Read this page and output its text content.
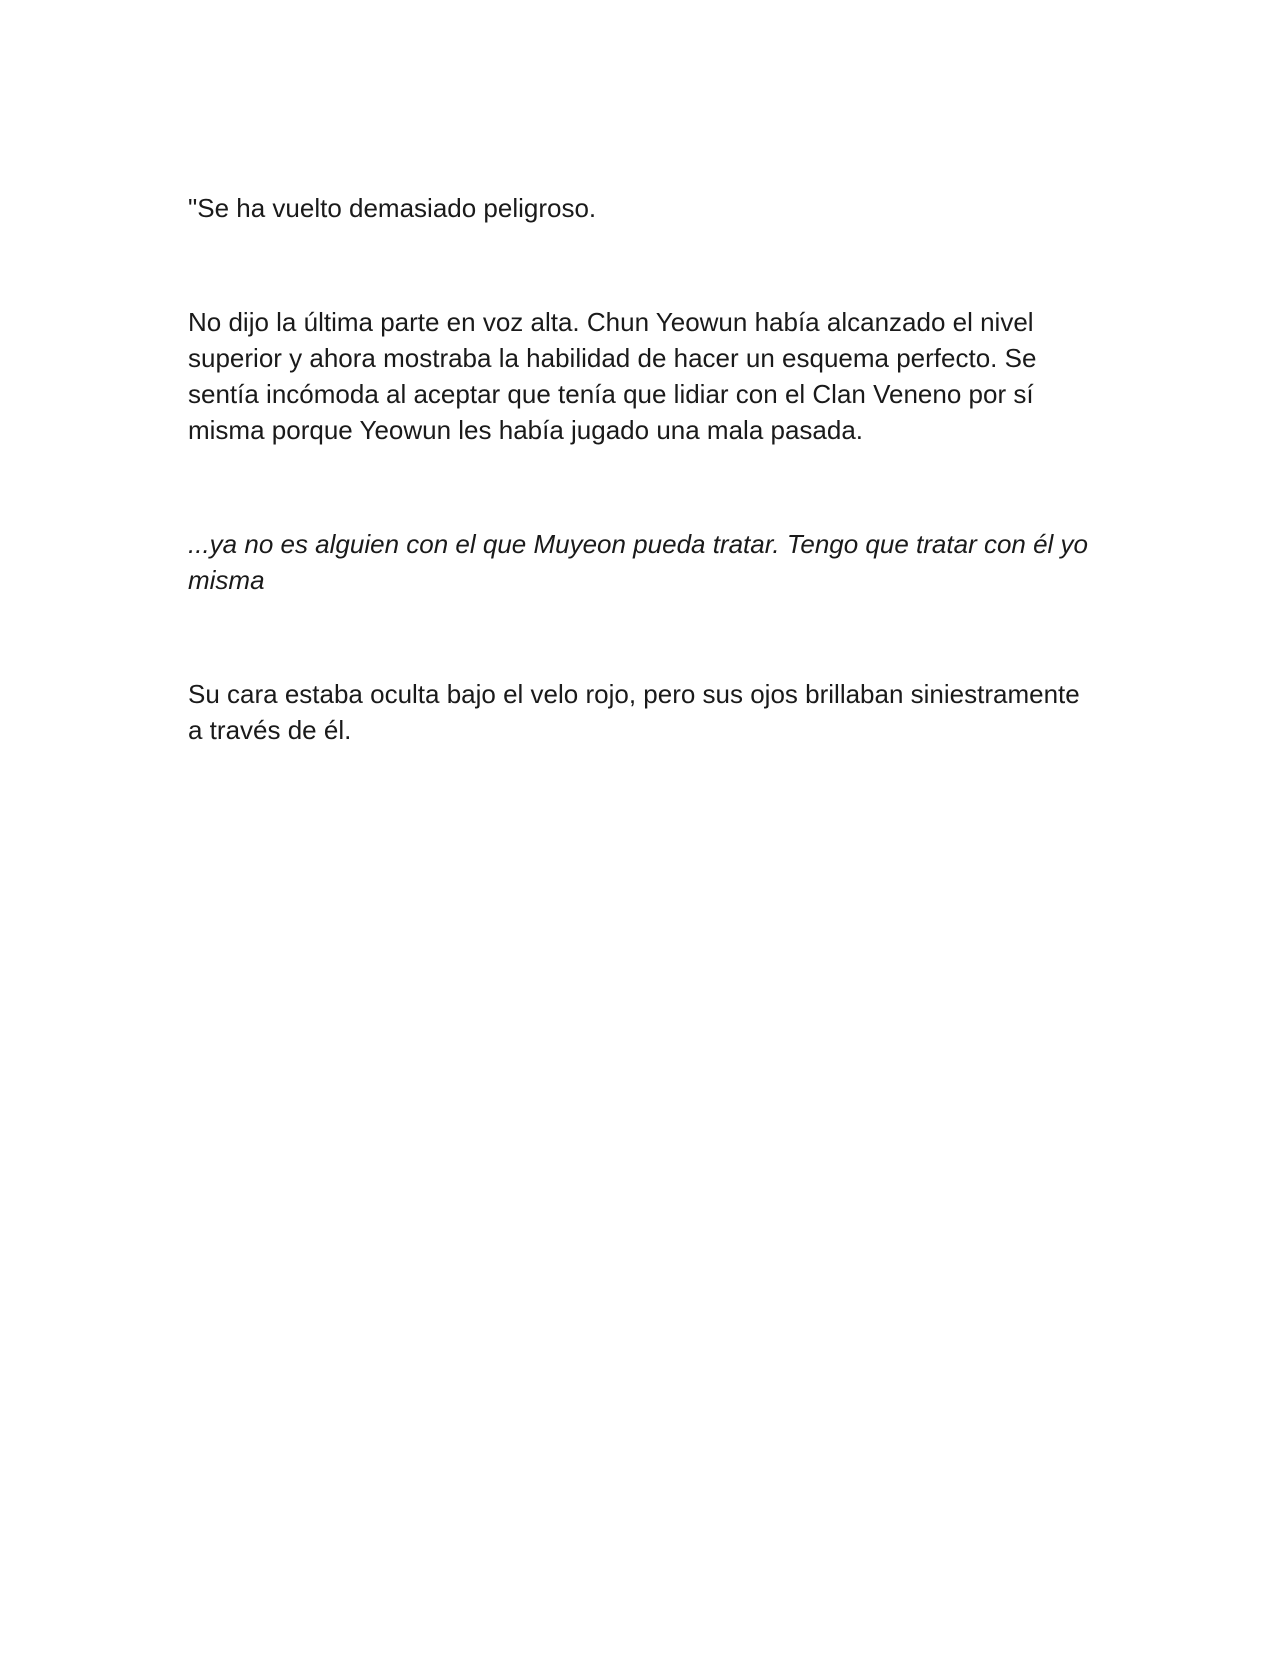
"Se ha vuelto demasiado peligroso.

No dijo la última parte en voz alta. Chun Yeowun había alcanzado el nivel superior y ahora mostraba la habilidad de hacer un esquema perfecto. Se sentía incómoda al aceptar que tenía que lidiar con el Clan Veneno por sí misma porque Yeowun les había jugado una mala pasada.

...ya no es alguien con el que Muyeon pueda tratar. Tengo que tratar con él yo misma

Su cara estaba oculta bajo el velo rojo, pero sus ojos brillaban siniestramente a través de él.
